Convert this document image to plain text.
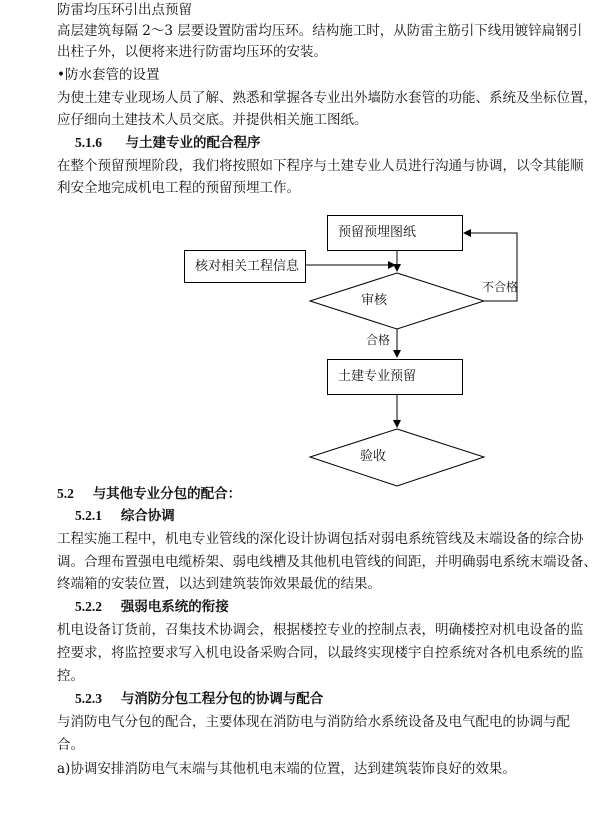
防雷均压环引出点预留
高层建筑每隔 2～3 层要设置防雷均压环。结构施工时，从防雷主筋引下线用镀锌扁钢引
出柱子外，以便将来进行防雷均压环的安装。
•防水套管的设置
为使土建专业现场人员了解、熟悉和掌握各专业出外墙防水套管的功能、系统及坐标位置，
应仔细向土建技术人员交底。并提供相关施工图纸。
5.1.6 与土建专业的配合程序
在整个预留预埋阶段，我们将按照如下程序与土建专业人员进行沟通与协调，以令其能顺
利安全地完成机电工程的预留预埋工作。
预留预埋图纸
核对相关工程信息
审核
不合格
合格
土建专业预留
验收
5.2 与其他专业分包的配合：
5.2.1 综合协调
工程实施工程中，机电专业管线的深化设计协调包括对弱电系统管线及末端设备的综合协
调。合理布置强电电缆桥架、弱电线槽及其他机电管线的间距，并明确弱电系统末端设备、
终端箱的安装位置，以达到建筑装饰效果最优的结果。
5.2.2 强弱电系统的衔接
机电设备订货前，召集技术协调会，根据楼控专业的控制点表，明确楼控对机电设备的监
控要求，将监控要求写入机电设备采购合同，以最终实现楼宇自控系统对各机电系统的监
控。
5.2.3 与消防分包工程分包的协调与配合
与消防电气分包的配合，主要体现在消防电与消防给水系统设备及电气配电的协调与配
合。
a)协调安排消防电气末端与其他机电末端的位置，达到建筑装饰良好的效果。
